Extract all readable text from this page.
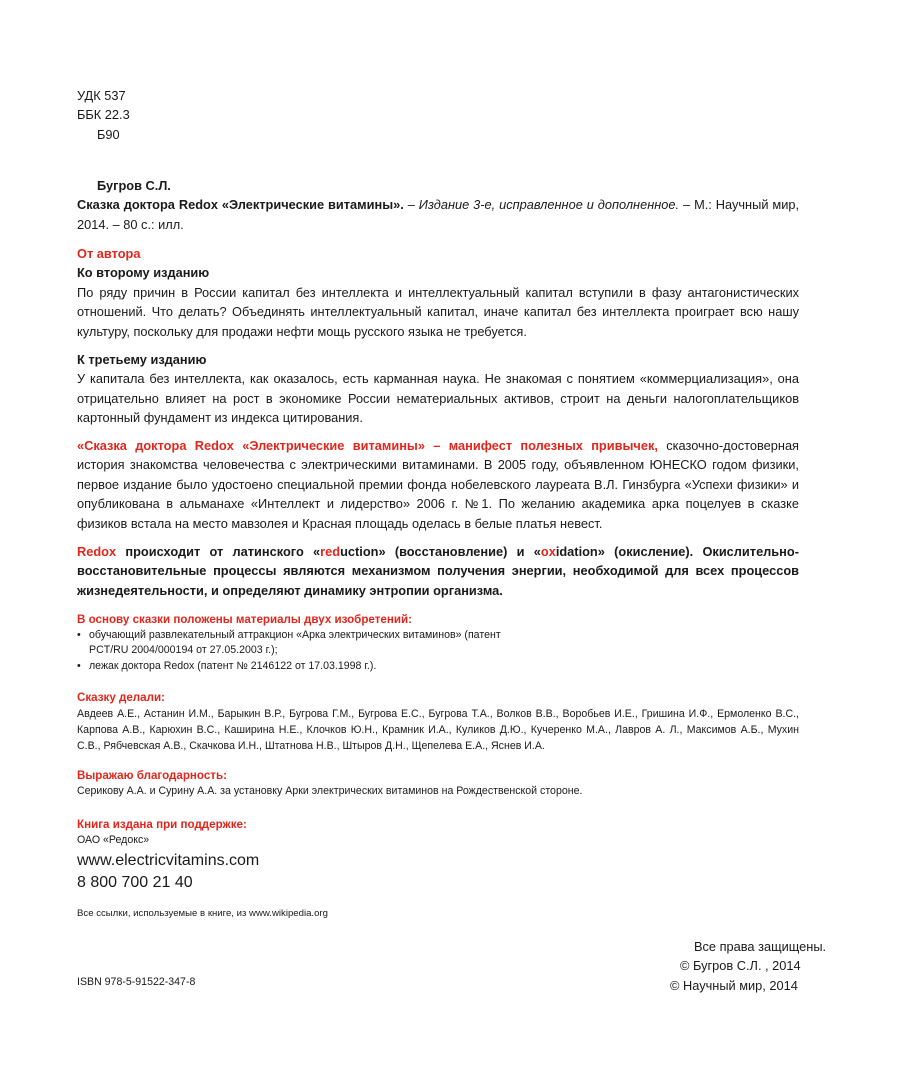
УДК 537
ББК 22.3
Б90
Бугров С.Л.
Сказка доктора Redox «Электрические витамины». – Издание 3-е, исправленное и дополненное. – М.: Научный мир, 2014. – 80 с.: илл.
От автора
Ко второму изданию
По ряду причин в России капитал без интеллекта и интеллектуальный капитал вступили в фазу антагонистических отношений. Что делать? Объединять интеллектуальный капитал, иначе капитал без интеллекта проиграет всю нашу культуру, поскольку для продажи нефти мощь русского языка не требуется.
К третьему изданию
У капитала без интеллекта, как оказалось, есть карманная наука. Не знакомая с понятием «коммерциализация», она отрицательно влияет на рост в экономике России нематериальных активов, строит на деньги налогоплательщиков картонный фундамент из индекса цитирования.
«Сказка доктора Redox «Электрические витамины» – манифест полезных привычек, сказочно-достоверная история знакомства человечества с электрическими витаминами. В 2005 году, объявленном ЮНЕСКО годом физики, первое издание было удостоено специальной премии фонда нобелевского лауреата В.Л. Гинзбурга «Успехи физики» и опубликована в альманахе «Интеллект и лидерство» 2006 г. №1. По желанию академика арка поцелуев в сказке физиков встала на место мавзолея и Красная площадь оделась в белые платья невест.
Redox происходит от латинского «reduction» (восстановление) и «oxidation» (окисление). Окислительно-восстановительные процессы являются механизмом получения энергии, необходимой для всех процессов жизнедеятельности, и определяют динамику энтропии организма.
В основу сказки положены материалы двух изобретений:
• обучающий развлекательный аттракцион «Арка электрических витаминов» (патент PCT/RU 2004/000194 от 27.05.2003 г.);
• лежак доктора Redox (патент № 2146122 от 17.03.1998 г.).
Сказку делали:
Авдеев А.Е., Астанин И.М., Барыкин В.Р., Бугрова Г.М., Бугрова Е.С., Бугрова Т.А., Волков В.В., Воробьев И.Е., Гришина И.Ф., Ермоленко В.С., Карпова А.В., Карюхин В.С., Каширина Н.Е., Клочков Ю.Н., Крамник И.А., Куликов Д.Ю., Кучеренко М.А., Лавров А. Л., Максимов А.Б., Мухин С.В., Рябчевская А.В., Скачкова И.Н., Штатнова Н.В., Штыров Д.Н., Щепелева Е.А., Яснев И.А.
Выражаю благодарность:
Серикову А.А. и Сурину А.А. за установку Арки электрических витаминов на Рождественской стороне.
Книга издана при поддержке:
ОАО «Редокс»
www.electricvitamins.com
8 800 700 21 40
Все ссылки, используемые в книге, из www.wikipedia.org
Все права защищены.
© Бугров С.Л. , 2014
© Научный мир, 2014
ISBN 978-5-91522-347-8
